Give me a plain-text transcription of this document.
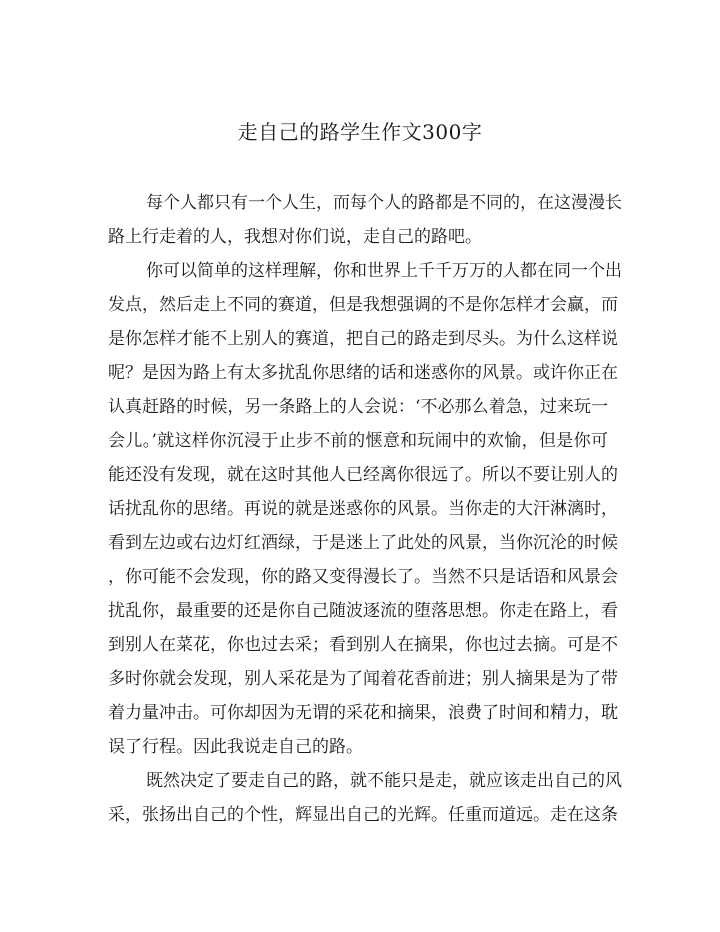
走自己的路学生作文300字
每个人都只有一个人生，而每个人的路都是不同的，在这漫漫长
路上行走着的人，我想对你们说，走自己的路吧。
你可以简单的这样理解，你和世界上千千万万的人都在同一个出
发点，然后走上不同的赛道，但是我想强调的不是你怎样才会赢，而
是你怎样才能不上别人的赛道，把自己的路走到尽头。为什么这样说
呢？是因为路上有太多扰乱你思绪的话和迷惑你的风景。或许你正在
认真赶路的时候，另一条路上的人会说：‘不必那么着急，过来玩一
会儿。’就这样你沉浸于止步不前的惬意和玩闹中的欢愉，但是你可
能还没有发现，就在这时其他人已经离你很远了。所以不要让别人的
话扰乱你的思绪。再说的就是迷惑你的风景。当你走的大汗淋漓时，
看到左边或右边灯红酒绿，于是迷上了此处的风景，当你沉沦的时候
，你可能不会发现，你的路又变得漫长了。当然不只是话语和风景会
扰乱你，最重要的还是你自己随波逐流的堕落思想。你走在路上，看
到别人在菜花，你也过去采；看到别人在摘果，你也过去摘。可是不
多时你就会发现，别人采花是为了闻着花香前进；别人摘果是为了带
着力量冲击。可你却因为无谓的采花和摘果，浪费了时间和精力，耽
误了行程。因此我说走自己的路。
既然决定了要走自己的路，就不能只是走，就应该走出自己的风
采，张扬出自己的个性，辉显出自己的光辉。任重而道远。走在这条
